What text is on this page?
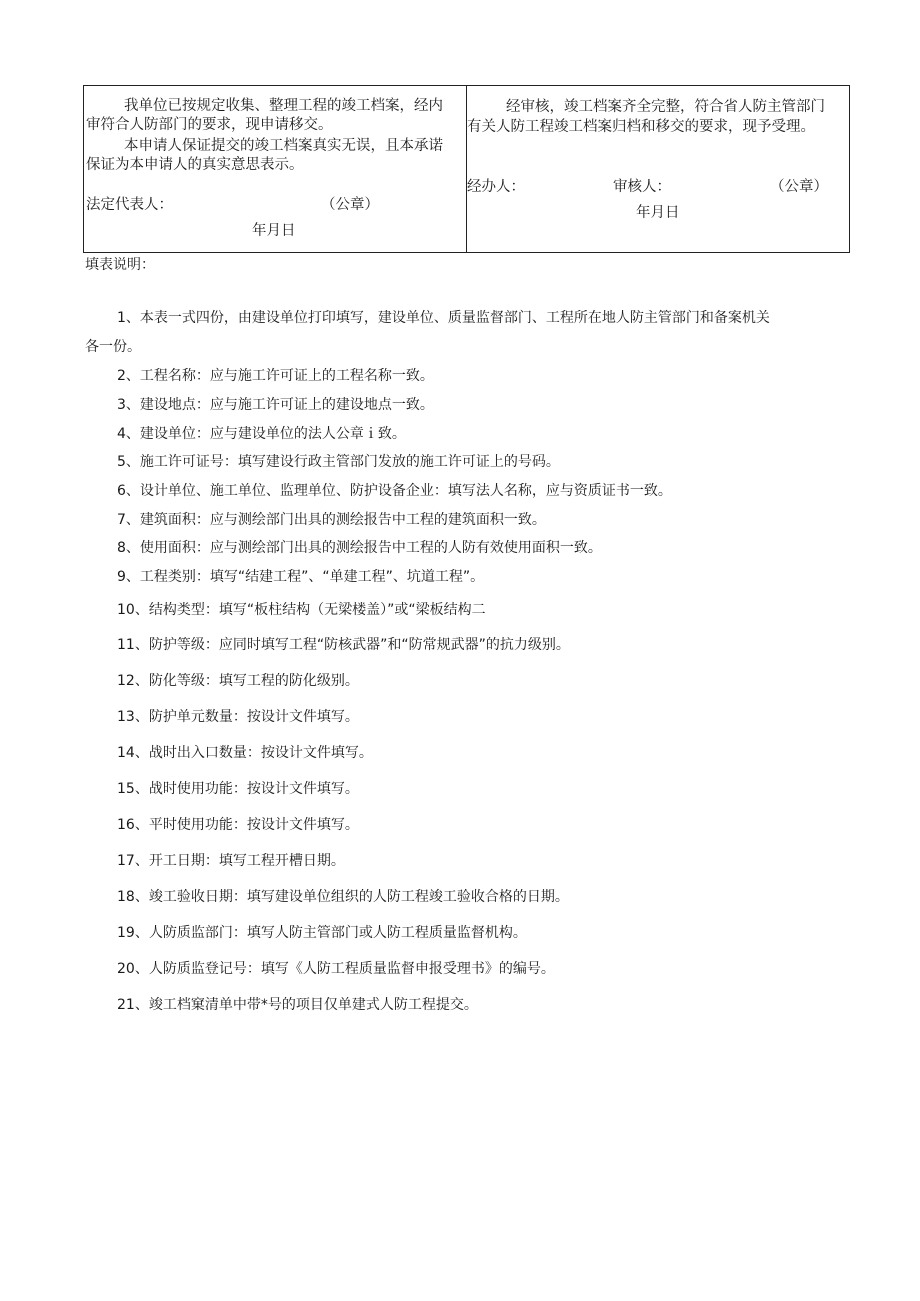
我单位已按规定收集、整理工程的竣工档案，经内
审符合人防部门的要求，现申请移交。
本申请人保证提交的竣工档案真实无误，且本承诺
保证为本申请人的真实意思表示。
法定代表人：	（公章）
年月日
经审核，竣工档案齐全完整，符合省人防主管部门
有关人防工程竣工档案归档和移交的要求，现予受理。
经办人：	审核人：	（公章）
年月日
填表说明：
1、本表一式四份，由建设单位打印填写，建设单位、质量监督部门、工程所在地人防主管部门和备案机关
各一份。
2、工程名称：应与施工许可证上的工程名称一致。
3、建设地点：应与施工许可证上的建设地点一致。
4、建设单位：应与建设单位的法人公章ｉ致。
5、施工许可证号：填写建设行政主管部门发放的施工许可证上的号码。
6、设计单位、施工单位、监理单位、防护设备企业：填写法人名称，应与资质证书一致。
7、建筑面积：应与测绘部门出具的测绘报告中工程的建筑面积一致。
8、使用面积：应与测绘部门出具的测绘报告中工程的人防有效使用面积一致。
9、工程类别：填写“结建工程”、“单建工程”、坑道工程”。
10、结构类型：填写“板柱结构（无梁楼盖）”或“梁板结构二
11、防护等级：应同时填写工程“防核武器”和“防常规武器”的抗力级别。
12、防化等级：填写工程的防化级别。
13、防护单元数量：按设计文件填写。
14、战时出入口数量：按设计文件填写。
15、战时使用功能：按设计文件填写。
16、平时使用功能：按设计文件填写。
17、开工日期：填写工程开槽日期。
18、竣工验收日期：填写建设单位组织的人防工程竣工验收合格的日期。
19、人防质监部门：填写人防主管部门或人防工程质量监督机构。
20、人防质监登记号：填写《人防工程质量监督申报受理书》的编号。
21、竣工档窠清单中带*号的项目仅单建式人防工程提交。
